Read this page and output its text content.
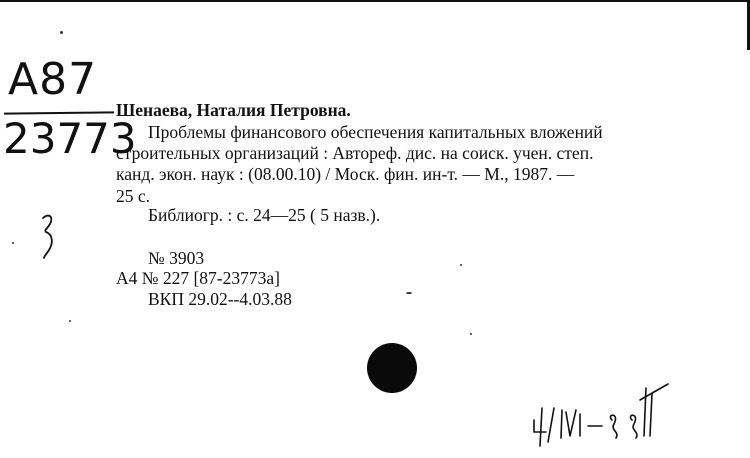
A87
23773
Шенаева, Наталия Петровна.
Проблемы финансового обеспечения капитальных вложений
строительных организаций : Автореф. дис. на соиск. учен. степ.
канд. экон. наук : (08.00.10) / Моск. фин. ин-т. — М., 1987. —
25 с.
Библиогр. : с. 24—25 ( 5 назв.).
№ 3903
А4 № 227 [87-23773а]
ВКП 29.02--4.03.88
